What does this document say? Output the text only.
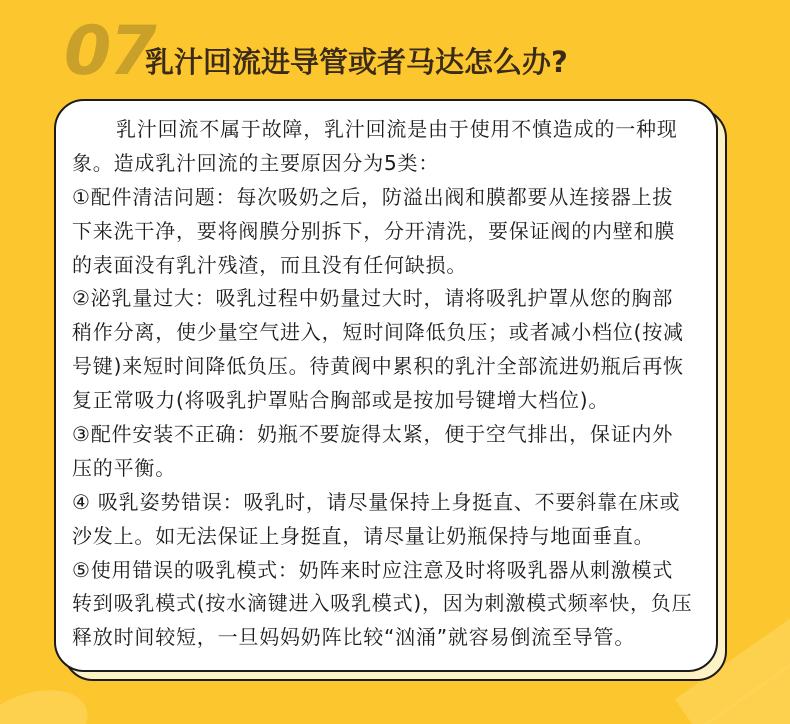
07
乳汁回流进导管或者马达怎么办?
乳汁回流不属于故障，乳汁回流是由于使用不慎造成的一种现
象。造成乳汁回流的主要原因分为5类：
①配件清洁问题：每次吸奶之后，防溢出阀和膜都要从连接器上拔
下来洗干净，要将阀膜分别拆下，分开清洗，要保证阀的内壁和膜
的表面没有乳汁残渣，而且没有任何缺损。
②泌乳量过大：吸乳过程中奶量过大时，请将吸乳护罩从您的胸部
稍作分离，使少量空气进入，短时间降低负压；或者减小档位(按减
号键)来短时间降低负压。待黄阀中累积的乳汁全部流进奶瓶后再恢
复正常吸力(将吸乳护罩贴合胸部或是按加号键增大档位)。
③配件安装不正确：奶瓶不要旋得太紧，便于空气排出，保证内外
压的平衡。
④ 吸乳姿势错误：吸乳时，请尽量保持上身挺直、不要斜靠在床或
沙发上。如无法保证上身挺直，请尽量让奶瓶保持与地面垂直。
⑤使用错误的吸乳模式：奶阵来时应注意及时将吸乳器从刺激模式
转到吸乳模式(按水滴键进入吸乳模式)，因为刺激模式频率快，负压
释放时间较短，一旦妈妈奶阵比较“汹涌”就容易倒流至导管。
